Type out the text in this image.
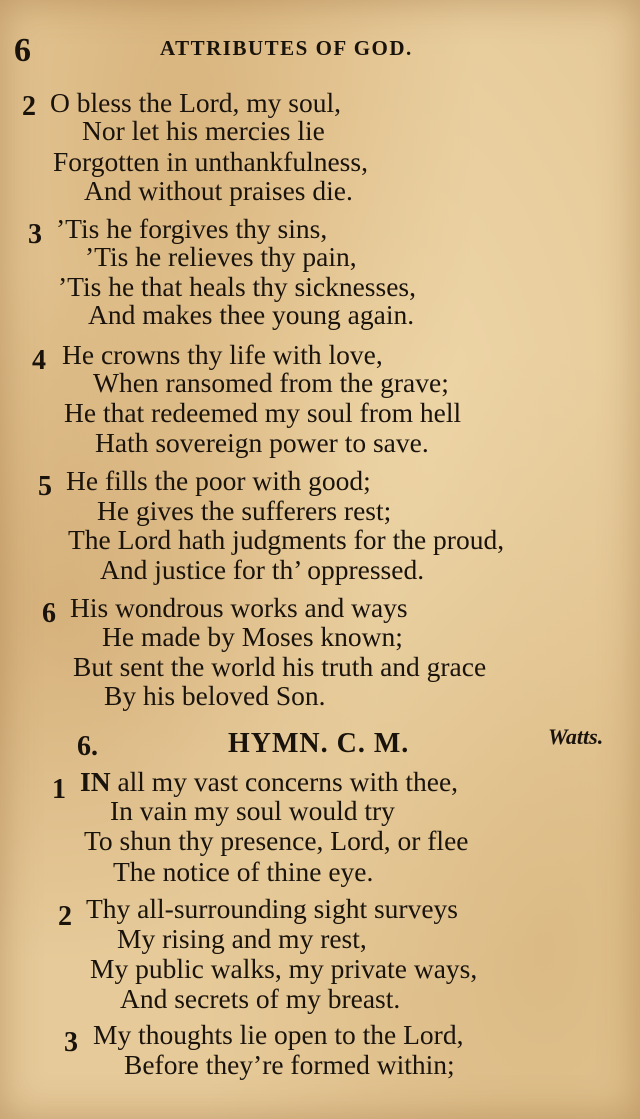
6	ATTRIBUTES OF GOD.
2 O bless the Lord, my soul,
Nor let his mercies lie
Forgotten in unthankfulness,
And without praises die.
3 ’Tis he forgives thy sins,
’Tis he relieves thy pain,
’Tis he that heals thy sicknesses,
And makes thee young again.
4 He crowns thy life with love,
When ransomed from the grave;
He that redeemed my soul from hell
Hath sovereign power to save.
5 He fills the poor with good;
He gives the sufferers rest;
The Lord hath judgments for the proud,
And justice for th’ oppressed.
6 His wondrous works and ways
He made by Moses known;
But sent the world his truth and grace
By his beloved Son.
6.	HYMN. C. M.	Watts.
1 IN all my vast concerns with thee,
In vain my soul would try
To shun thy presence, Lord, or flee
The notice of thine eye.
2 Thy all-surrounding sight surveys
My rising and my rest,
My public walks, my private ways,
And secrets of my breast.
3 My thoughts lie open to the Lord,
Before they’re formed within;
